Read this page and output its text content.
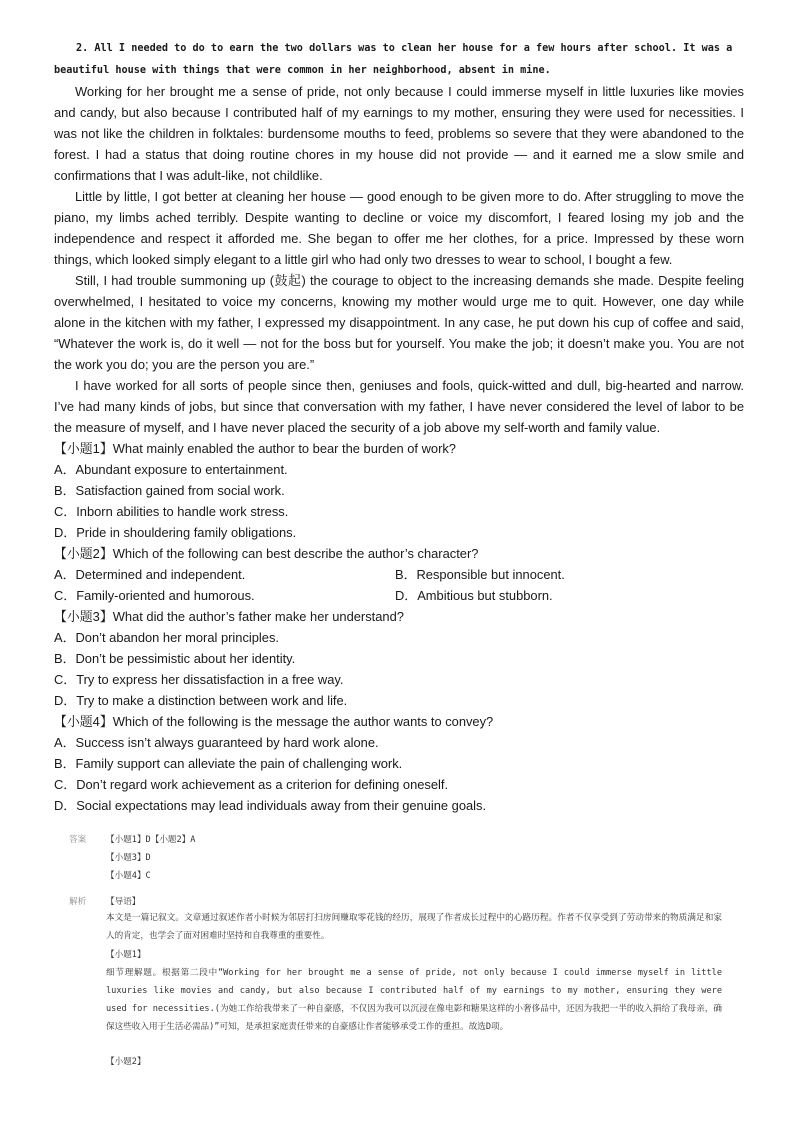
2. All I needed to do to earn the two dollars was to clean her house for a few hours after school. It was a
beautiful house with things that were common in her neighborhood, absent in mine.
Working for her brought me a sense of pride, not only because I could immerse myself in little luxuries like movies and candy, but also because I contributed half of my earnings to my mother, ensuring they were used for necessities. I was not like the children in folktales: burdensome mouths to feed, problems so severe that they were abandoned to the forest. I had a status that doing routine chores in my house did not provide — and it earned me a slow smile and confirmations that I was adult-like, not childlike.
Little by little, I got better at cleaning her house — good enough to be given more to do. After struggling to move the piano, my limbs ached terribly. Despite wanting to decline or voice my discomfort, I feared losing my job and the independence and respect it afforded me. She began to offer me her clothes, for a price. Impressed by these worn things, which looked simply elegant to a little girl who had only two dresses to wear to school, I bought a few.
Still, I had trouble summoning up (鼓起) the courage to object to the increasing demands she made. Despite feeling overwhelmed, I hesitated to voice my concerns, knowing my mother would urge me to quit. However, one day while alone in the kitchen with my father, I expressed my disappointment. In any case, he put down his cup of coffee and said, “Whatever the work is, do it well — not for the boss but for yourself. You make the job; it doesn’t make you. You are not the work you do; you are the person you are.”
I have worked for all sorts of people since then, geniuses and fools, quick-witted and dull, big-hearted and narrow. I’ve had many kinds of jobs, but since that conversation with my father, I have never considered the level of labor to be the measure of myself, and I have never placed the security of a job above my self-worth and family value.
【小题1】What mainly enabled the author to bear the burden of work?
A．Abundant exposure to entertainment.
B．Satisfaction gained from social work.
C．Inborn abilities to handle work stress.
D．Pride in shouldering family obligations.
【小题2】Which of the following can best describe the author’s character?
A．Determined and independent.	B．Responsible but innocent.
C．Family-oriented and humorous.	D．Ambitious but stubborn.
【小题3】What did the author’s father make her understand?
A．Don’t abandon her moral principles.
B．Don’t be pessimistic about her identity.
C．Try to express her dissatisfaction in a free way.
D．Try to make a distinction between work and life.
【小题4】Which of the following is the message the author wants to convey?
A．Success isn’t always guaranteed by hard work alone.
B．Family support can alleviate the pain of challenging work.
C．Don’t regard work achievement as a criterion for defining oneself.
D．Social expectations may lead individuals away from their genuine goals.
答案 【小题1】D【小题2】A
【小题3】D
【小题4】C
解析 【导语】
本文是一篇记叙文。文章通过叙述作者小时候为邻居打扫房间赚取零花钱的经历，展现了作者成长过程中的心路历程。作者不仅享受到了劳动带来的物质满足和家人的肯定，也学会了面对困难时坚持和自我尊重的重要性。
【小题1】
细节理解题。根据第二段中“Working for her brought me a sense of pride, not only because I could immerse myself in little luxuries like movies and candy, but also because I contributed half of my earnings to my mother, ensuring they were used for necessities.(为她工作给我带来了一种自豪感，不仅因为我可以沉浸在像电影和糖果这样的小奢侈品中，还因为我把一半的收入捐给了我母亲，确保这些收入用于生活必需品)”可知，是承担家庭责任带来的自豪感让作者能够承受工作的重担。故选D项。
【小题2】
